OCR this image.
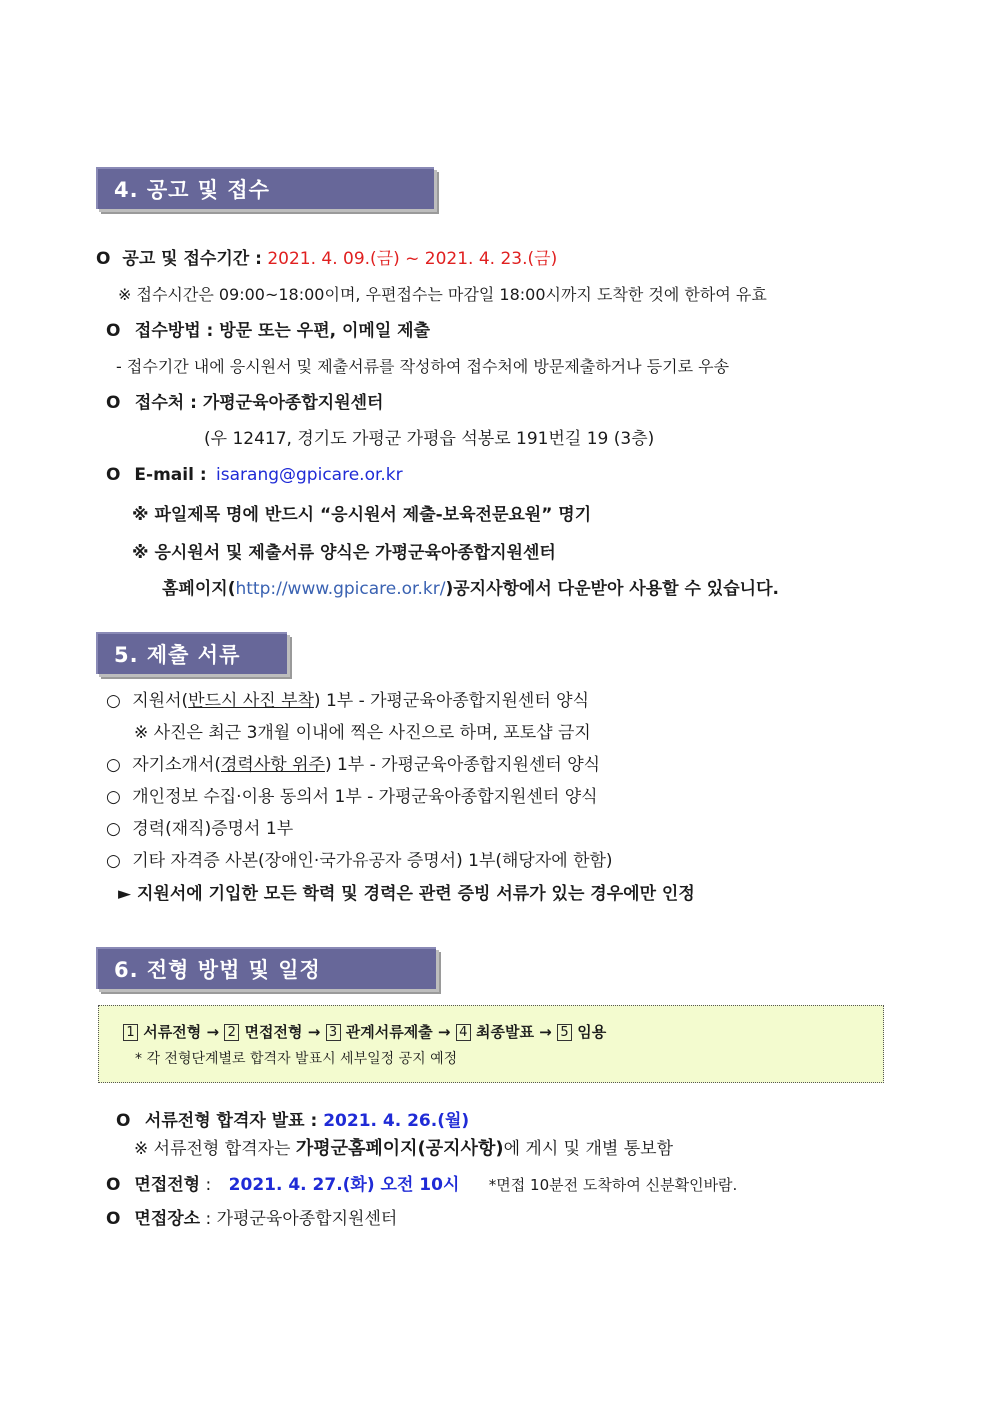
4. 공고 및 접수
O 공고 및 접수기간 : 2021. 4. 09.(금) ~ 2021. 4. 23.(금)
※ 접수시간은 09:00~18:00이며, 우편접수는 마감일 18:00시까지 도착한 것에 한하여 유효
O 접수방법 : 방문 또는 우편, 이메일 제출
- 접수기간 내에 응시원서 및 제출서류를 작성하여 접수처에 방문제출하거나 등기로 우송
O 접수처 : 가평군육아종합지원센터
(우 12417, 경기도 가평군 가평읍 석봉로 191번길 19 (3층)
O E-mail : isarang@gpicare.or.kr
※ 파일제목 명에 반드시 “응시원서 제출-보육전문요원” 명기
※ 응시원서 및 제출서류 양식은 가평군육아종합지원센터
홈페이지(http://www.gpicare.or.kr/)공지사항에서 다운받아 사용할 수 있습니다.
5. 제출 서류
○ 지원서(반드시 사진 부착) 1부 - 가평군육아종합지원센터 양식
※ 사진은 최근 3개월 이내에 찍은 사진으로 하며, 포토샵 금지
○ 자기소개서(경력사항 위주) 1부 - 가평군육아종합지원센터 양식
○ 개인정보 수집·이용 동의서 1부 - 가평군육아종합지원센터 양식
○ 경력(재직)증명서 1부
○ 기타 자격증 사본(장애인·국가유공자 증명서) 1부(해당자에 한함)
► 지원서에 기입한 모든 학력 및 경력은 관련 증빙 서류가 있는 경우에만 인정
6. 전형 방법 및 일정
1 서류전형 → 2 면접전형 → 3 관계서류제출 → 4 최종발표 → 5 임용
* 각 전형단계별로 합격자 발표시 세부일정 공지 예정
O 서류전형 합격자 발표 : 2021. 4. 26.(월)
※ 서류전형 합격자는 가평군홈페이지(공지사항)에 게시 및 개별 통보함
O 면접전형 : 2021. 4. 27.(화) 오전 10시 *면접 10분전 도착하여 신분확인바람.
O 면접장소 : 가평군육아종합지원센터
